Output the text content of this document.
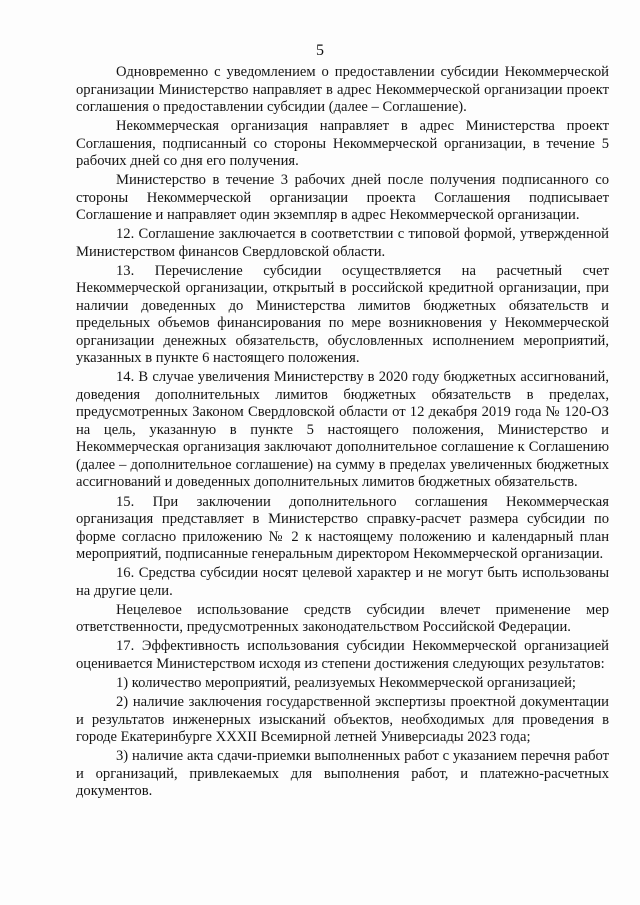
5

Одновременно с уведомлением о предоставлении субсидии Некоммерческой организации Министерство направляет в адрес Некоммерческой организации проект соглашения о предоставлении субсидии (далее – Соглашение).

Некоммерческая организация направляет в адрес Министерства проект Соглашения, подписанный со стороны Некоммерческой организации, в течение 5 рабочих дней со дня его получения.

Министерство в течение 3 рабочих дней после получения подписанного со стороны Некоммерческой организации проекта Соглашения подписывает Соглашение и направляет один экземпляр в адрес Некоммерческой организации.

12. Соглашение заключается в соответствии с типовой формой, утвержденной Министерством финансов Свердловской области.

13. Перечисление субсидии осуществляется на расчетный счет Некоммерческой организации, открытый в российской кредитной организации, при наличии доведенных до Министерства лимитов бюджетных обязательств и предельных объемов финансирования по мере возникновения у Некоммерческой организации денежных обязательств, обусловленных исполнением мероприятий, указанных в пункте 6 настоящего положения.

14. В случае увеличения Министерству в 2020 году бюджетных ассигнований, доведения дополнительных лимитов бюджетных обязательств в пределах, предусмотренных Законом Свердловской области от 12 декабря 2019 года № 120-ОЗ на цель, указанную в пункте 5 настоящего положения, Министерство и Некоммерческая организация заключают дополнительное соглашение к Соглашению (далее – дополнительное соглашение) на сумму в пределах увеличенных бюджетных ассигнований и доведенных дополнительных лимитов бюджетных обязательств.

15. При заключении дополнительного соглашения Некоммерческая организация представляет в Министерство справку-расчет размера субсидии по форме согласно приложению № 2 к настоящему положению и календарный план мероприятий, подписанные генеральным директором Некоммерческой организации.

16. Средства субсидии носят целевой характер и не могут быть использованы на другие цели.

Нецелевое использование средств субсидии влечет применение мер ответственности, предусмотренных законодательством Российской Федерации.

17. Эффективность использования субсидии Некоммерческой организацией оценивается Министерством исходя из степени достижения следующих результатов:

1) количество мероприятий, реализуемых Некоммерческой организацией;

2) наличие заключения государственной экспертизы проектной документации и результатов инженерных изысканий объектов, необходимых для проведения в городе Екатеринбурге XXXII Всемирной летней Универсиады 2023 года;

3) наличие акта сдачи-приемки выполненных работ с указанием перечня работ и организаций, привлекаемых для выполнения работ, и платежно-расчетных документов.
